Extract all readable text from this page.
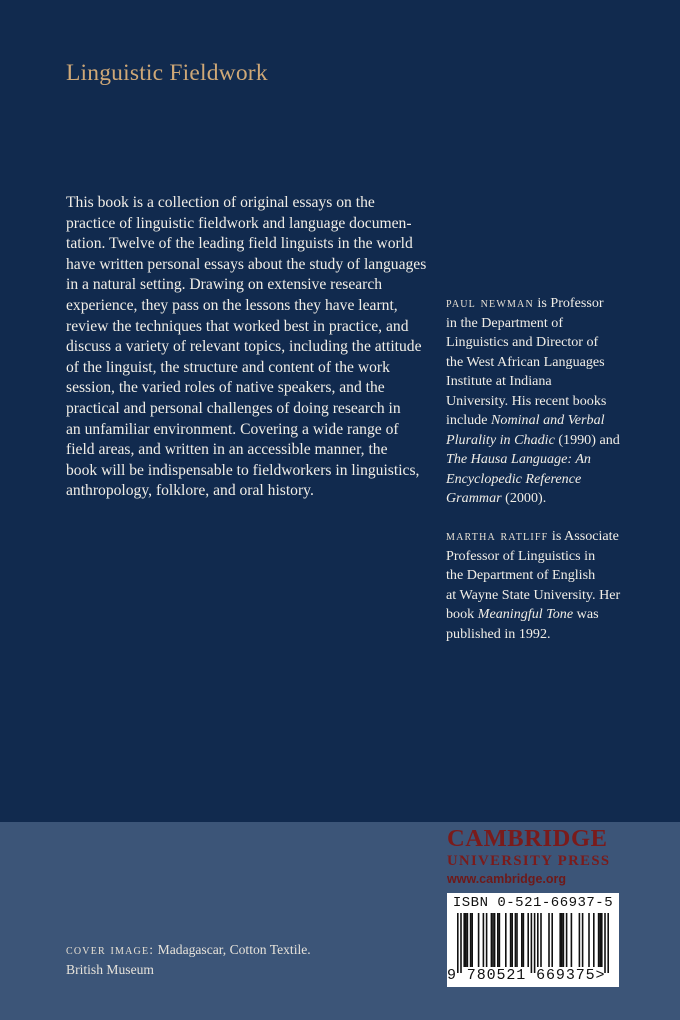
Linguistic Fieldwork
This book is a collection of original essays on the
practice of linguistic fieldwork and language documen-
tation. Twelve of the leading field linguists in the world
have written personal essays about the study of languages
in a natural setting. Drawing on extensive research
experience, they pass on the lessons they have learnt,
review the techniques that worked best in practice, and
discuss a variety of relevant topics, including the attitude
of the linguist, the structure and content of the work
session, the varied roles of native speakers, and the
practical and personal challenges of doing research in
an unfamiliar environment. Covering a wide range of
field areas, and written in an accessible manner, the
book will be indispensable to fieldworkers in linguistics,
anthropology, folklore, and oral history.
paul newman is Professor
in the Department of
Linguistics and Director of
the West African Languages
Institute at Indiana
University. His recent books
include Nominal and Verbal
Plurality in Chadic (1990) and
The Hausa Language: An
Encyclopedic Reference
Grammar (2000).
martha ratliff is Associate
Professor of Linguistics in
the Department of English
at Wayne State University. Her
book Meaningful Tone was
published in 1992.
CAMBRIDGE
UNIVERSITY PRESS
www.cambridge.org
ISBN 0-521-66937-5
9 780521 669375>
cover image: Madagascar, Cotton Textile.
British Museum
